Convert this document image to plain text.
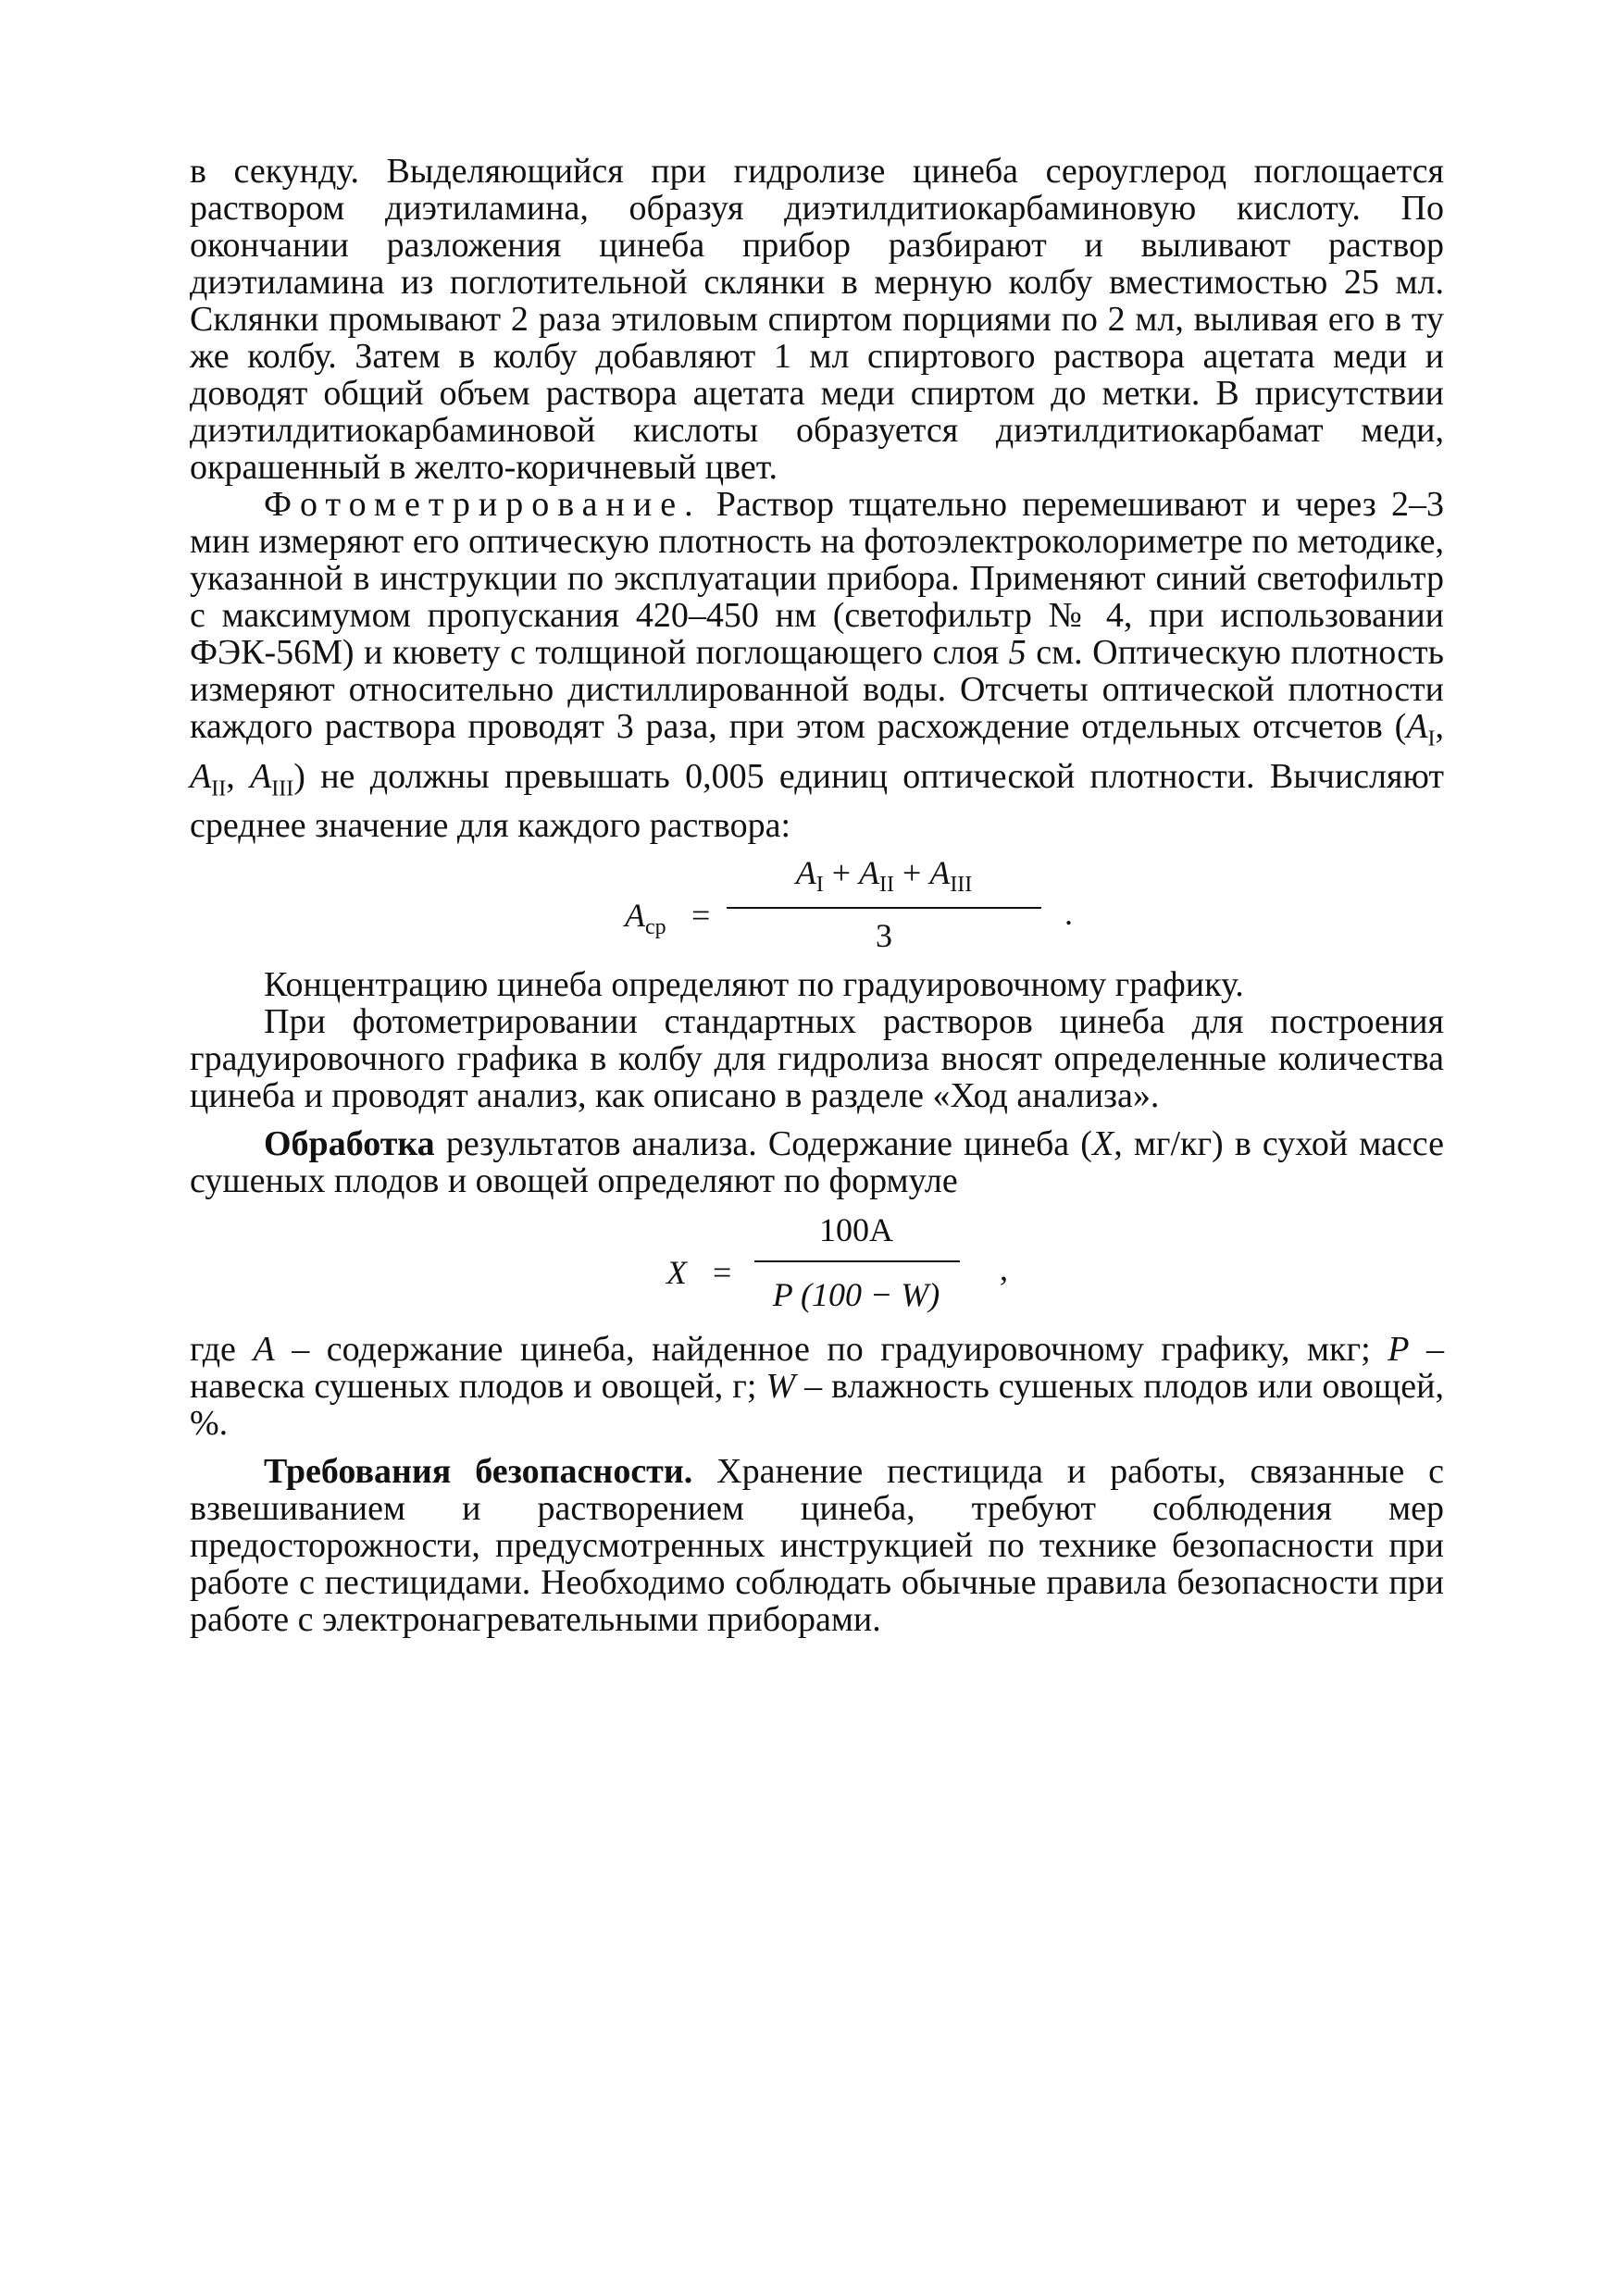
в секунду. Выделяющийся при гидролизе цинеба сероуглерод поглощается раствором диэтиламина, образуя диэтилдитиокарбаминовую кислоту. По окончании разложения цинеба прибор разбирают и выливают раствор диэтиламина из поглотительной склянки в мерную колбу вместимостью 25 мл. Склянки промывают 2 раза этиловым спиртом порциями по 2 мл, выливая его в ту же колбу. Затем в колбу добавляют 1 мл спиртового раствора ацетата меди и доводят общий объем раствора ацетата меди спиртом до метки. В присутствии диэтилдитиокарбаминовой кислоты образуется диэтилдитиокарбамат меди, окрашенный в желто-коричневый цвет.

Фотометрирование. Раствор тщательно перемешивают и через 2–3 мин измеряют его оптическую плотность на фотоэлектроколориметре по методике, указанной в инструкции по эксплуатации прибора. Применяют синий светофильтр с максимумом пропускания 420–450 нм (светофильтр № 4, при использовании ФЭК-56М) и кювету с толщиной поглощающего слоя 5 см. Оптическую плотность измеряют относительно дистиллированной воды. Отсчеты оптической плотности каждого раствора проводят 3 раза, при этом расхождение отдельных отсчетов ($A_I$, $A_{II}$, $A_{III}$) не должны превышать 0,005 единиц оптической плотности. Вычисляют среднее значение для каждого раствора:

$A_{ср}$ =
$A_I + A_{II} + A_{III}$
3
.

Концентрацию цинеба определяют по градуировочному графику.

При фотометрировании стандартных растворов цинеба для построения градуировочного графика в колбу для гидролиза вносят определенные количества цинеба и проводят анализ, как описано в разделе «Ход анализа».

Обработка результатов анализа. Содержание цинеба (X, мг/кг) в сухой массе сушеных плодов и овощей определяют по формуле

X =
100A
P (100 − W)
,

где A – содержание цинеба, найденное по градуировочному графику, мкг; P – навеска сушеных плодов и овощей, г; W – влажность сушеных плодов или овощей, %.

Требования безопасности. Хранение пестицида и работы, связанные с взвешиванием и растворением цинеба, требуют соблюдения мер предосторожности, предусмотренных инструкцией по технике безопасности при работе с пестицидами. Необходимо соблюдать обычные правила безопасности при работе с электронагревательными приборами.
